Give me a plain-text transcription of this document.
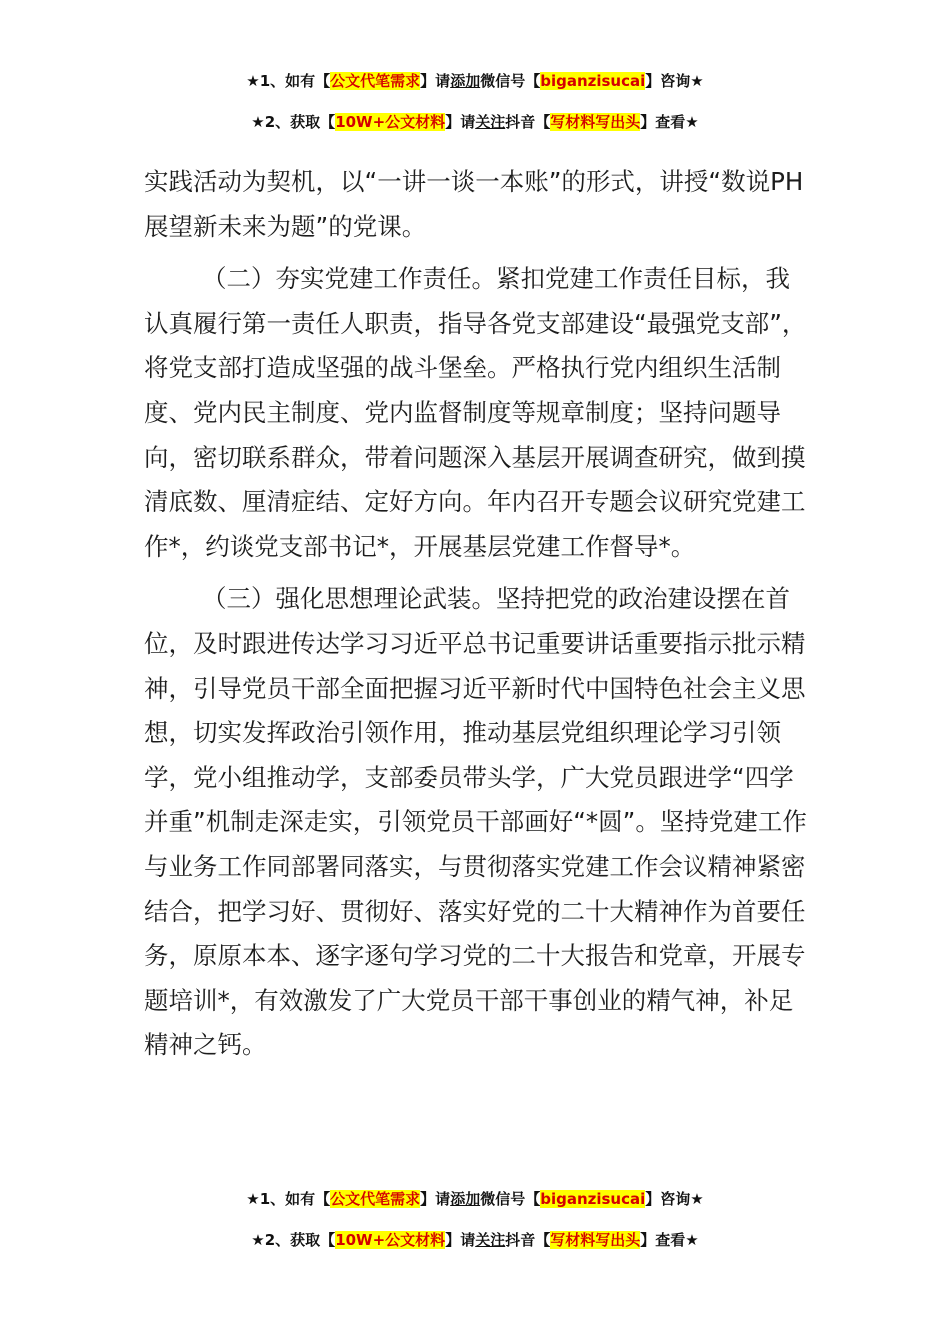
★1、如有【公文代笔需求】请添加微信号【biganzisucai】咨询★
★2、获取【10W+公文材料】请关注抖音【写材料写出头】查看★

实践活动为契机，以“一讲一谈一本账”的形式，讲授“数说PH展望新未来为题”的党课。

（二）夯实党建工作责任。紧扣党建工作责任目标，我认真履行第一责任人职责，指导各党支部建设“最强党支部”，将党支部打造成坚强的战斗堡垒。严格执行党内组织生活制度、党内民主制度、党内监督制度等规章制度；坚持问题导向，密切联系群众，带着问题深入基层开展调查研究，做到摸清底数、厘清症结、定好方向。年内召开专题会议研究党建工作*，约谈党支部书记*，开展基层党建工作督导*。

（三）强化思想理论武装。坚持把党的政治建设摆在首位，及时跟进传达学习习近平总书记重要讲话重要指示批示精神，引导党员干部全面把握习近平新时代中国特色社会主义思想，切实发挥政治引领作用，推动基层党组织理论学习引领学，党小组推动学，支部委员带头学，广大党员跟进学“四学并重”机制走深走实，引领党员干部画好“*圆”。坚持党建工作与业务工作同部署同落实，与贯彻落实党建工作会议精神紧密结合，把学习好、贯彻好、落实好党的二十大精神作为首要任务，原原本本、逐字逐句学习党的二十大报告和党章，开展专题培训*，有效激发了广大党员干部干事创业的精气神，补足精神之钙。

★1、如有【公文代笔需求】请添加微信号【biganzisucai】咨询★
★2、获取【10W+公文材料】请关注抖音【写材料写出头】查看★
